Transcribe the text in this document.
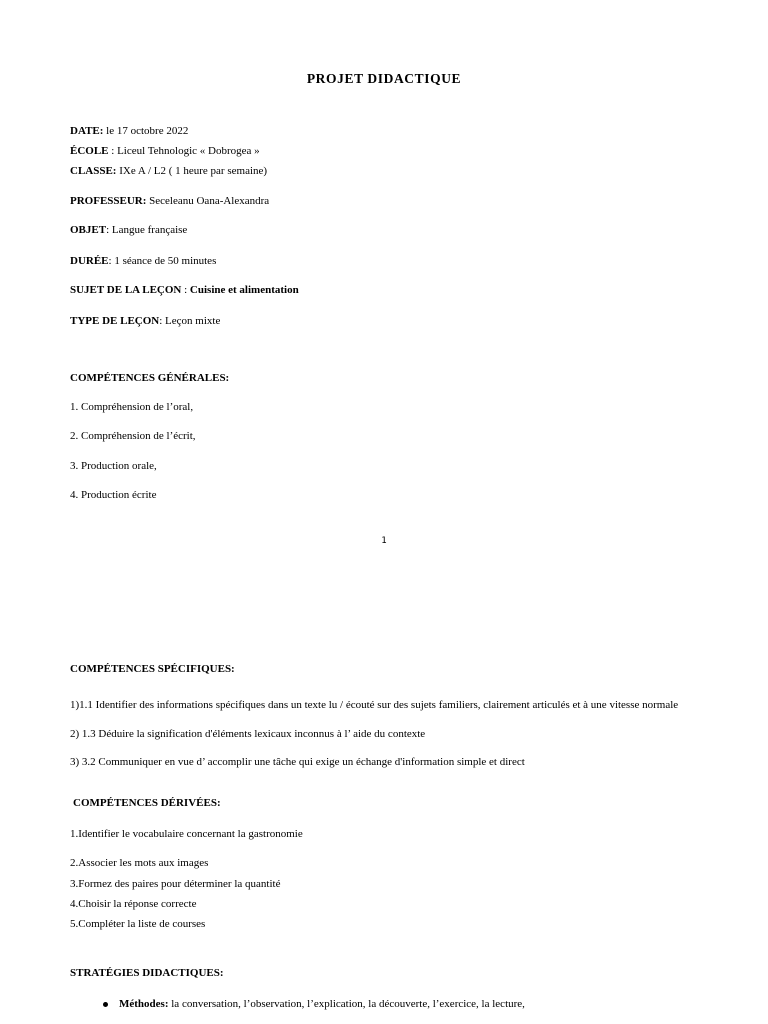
PROJET DIDACTIQUE
DATE: le 17 octobre 2022
ÉCOLE : Liceul Tehnologic « Dobrogea »
CLASSE: IXe A / L2 ( 1 heure par semaine)
PROFESSEUR: Seceleanu Oana-Alexandra
OBJET: Langue française
DURÉE: 1 séance de 50 minutes
SUJET DE LA LEÇON : Cuisine et alimentation
TYPE DE LEÇON: Leçon mixte
COMPÉTENCES GÉNÉRALES:
1. Compréhension de l’oral,
2. Compréhension de l’écrit,
3. Production orale,
4. Production écrite
1
COMPÉTENCES SPÉCIFIQUES:
1)1.1 Identifier des informations spécifiques dans un texte lu / écouté sur des sujets familiers, clairement articulés et à une vitesse normale
2) 1.3 Déduire la signification d'éléments lexicaux inconnus à l’ aide du contexte
3) 3.2 Communiquer en vue d’ accomplir une tâche qui exige un échange d'information simple et direct
COMPÉTENCES DÉRIVÉES:
1.Identifier le vocabulaire concernant la gastronomie
2.Associer les mots aux images
3.Formez des paires pour déterminer la quantité
4.Choisir la réponse correcte
5.Compléter la liste de courses
STRATÉGIES DIDACTIQUES:
Méthodes: la conversation, l’observation, l’explication, la découverte, l’exercice, la lecture,
